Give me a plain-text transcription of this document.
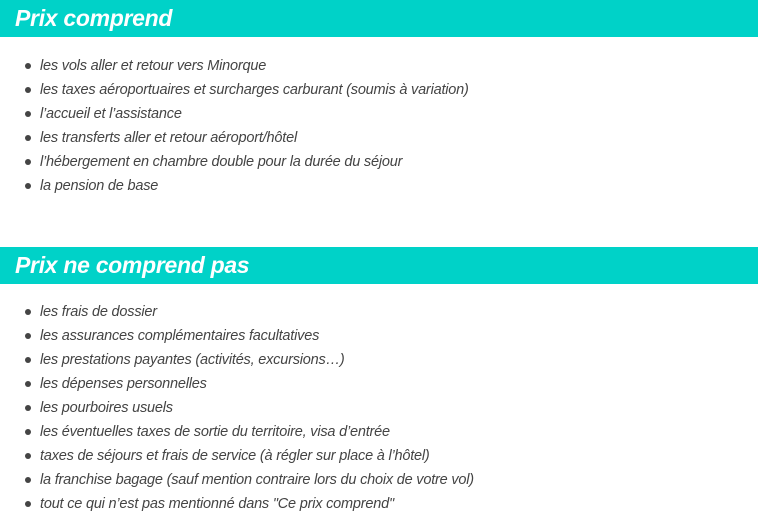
Prix comprend
les vols aller et retour vers Minorque
les taxes aéroportuaires et surcharges carburant (soumis à variation)
l’accueil et l’assistance
les transferts aller et retour aéroport/hôtel
l’hébergement en chambre double pour la durée du séjour
la pension de base
Prix ne comprend pas
les frais de dossier
les assurances complémentaires facultatives
les prestations payantes (activités, excursions…)
les dépenses personnelles
les pourboires usuels
les éventuelles taxes de sortie du territoire, visa d’entrée
taxes de séjours et frais de service (à régler sur place à l’hôtel)
la franchise bagage (sauf mention contraire lors du choix de votre vol)
tout ce qui n’est pas mentionné dans "Ce prix comprend"
